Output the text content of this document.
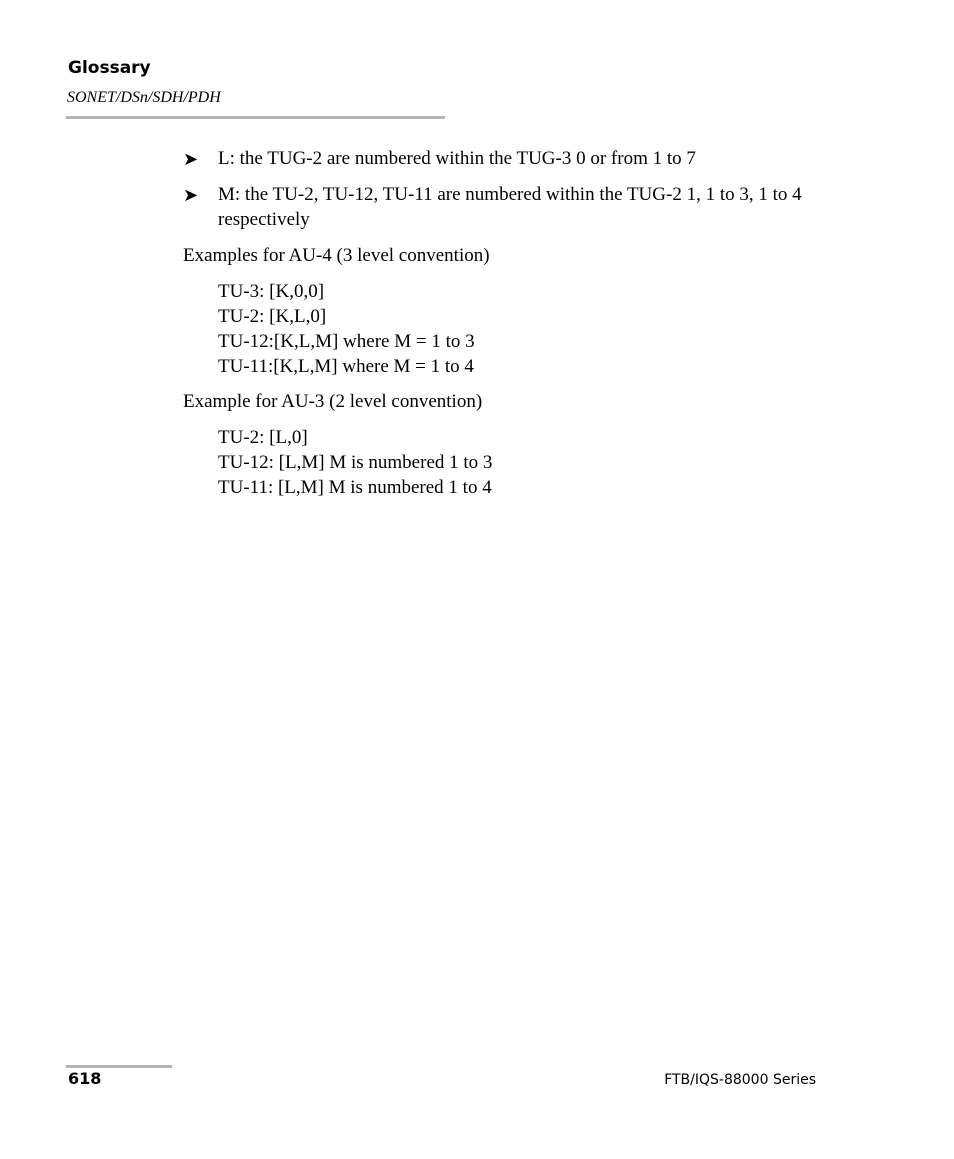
Glossary
SONET/DSn/SDH/PDH
➤ L: the TUG-2 are numbered within the TUG-3 0 or from 1 to 7
➤ M: the TU-2, TU-12, TU-11 are numbered within the TUG-2 1, 1 to 3, 1 to 4 respectively
Examples for AU-4 (3 level convention)
TU-3: [K,0,0]
TU-2: [K,L,0]
TU-12:[K,L,M] where M = 1 to 3
TU-11:[K,L,M] where M = 1 to 4
Example for AU-3 (2 level convention)
TU-2: [L,0]
TU-12: [L,M] M is numbered 1 to 3
TU-11: [L,M] M is numbered 1 to 4
618	FTB/IQS-88000 Series
